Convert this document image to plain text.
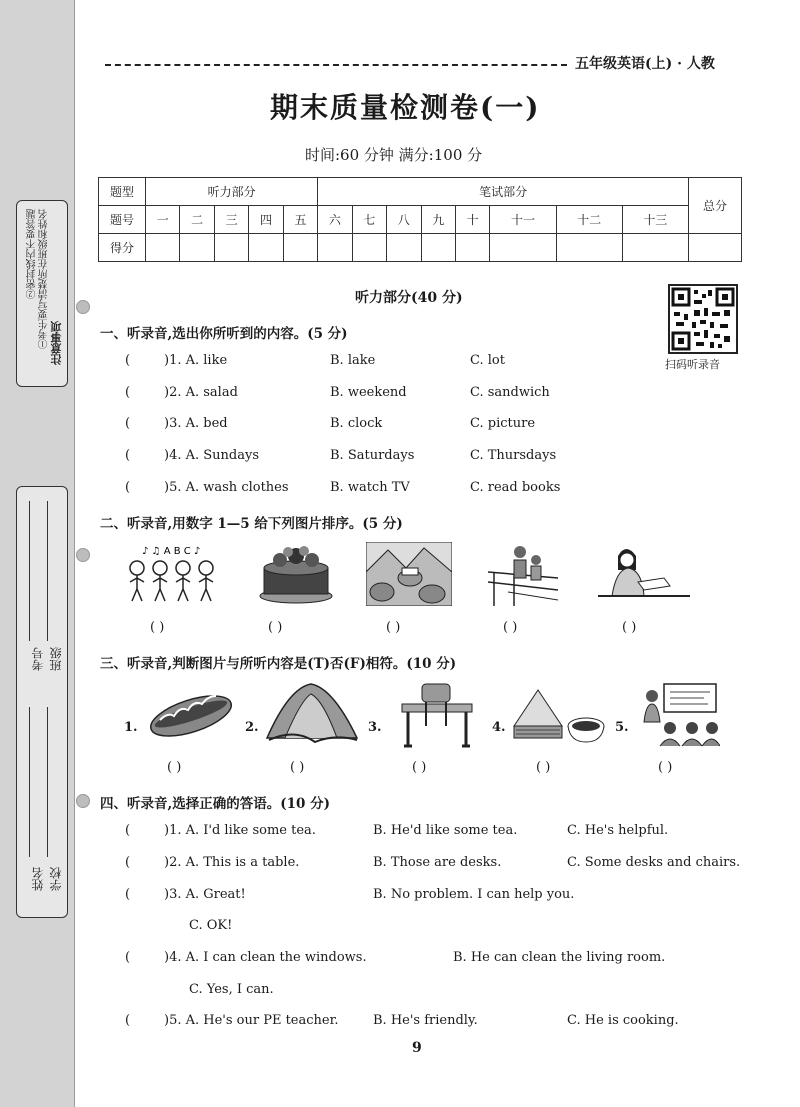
注意事项
①考生要写清楚所在班级和姓名
②密封线内不要答题
班级
考号
学校
姓名
五年级英语(上) · 人教
期末质量检测卷(一)
时间:60 分钟 满分:100 分
题型	听力部分					笔试部分								总分
题号	一	二	三	四	五	六	七	八	九	十	十一	十二	十三	
得分														
听力部分(40 分)
扫码听录音
一、听录音,选出你所听到的内容。(5 分)
(	)1. A. like	B. lake	C. lot
(	)2. A. salad	B. weekend	C. sandwich
(	)3. A. bed	B. clock	C. picture
(	)4. A. Sundays	B. Saturdays	C. Thursdays
(	)5. A. wash clothes	B. watch TV	C. read books
二、听录音,用数字 1—5 给下列图片排序。(5 分)
♪ ♫ A B C ♪
( )	( )	( )	( )	( )
三、听录音,判断图片与所听内容是(T)否(F)相符。(10 分)
1.	2.	3.	4.	5.
( )	( )	( )	( )	( )
四、听录音,选择正确的答语。(10 分)
(	)1. A. I'd like some tea.	B. He'd like some tea.	C. He's helpful.
(	)2. A. This is a table.	B. Those are desks.	C. Some desks and chairs.
(	)3. A. Great!	B. No problem. I can help you.
C. OK!
(	)4. A. I can clean the windows.	B. He can clean the living room.
C. Yes, I can.
(	)5. A. He's our PE teacher.	B. He's friendly.	C. He is cooking.
9
